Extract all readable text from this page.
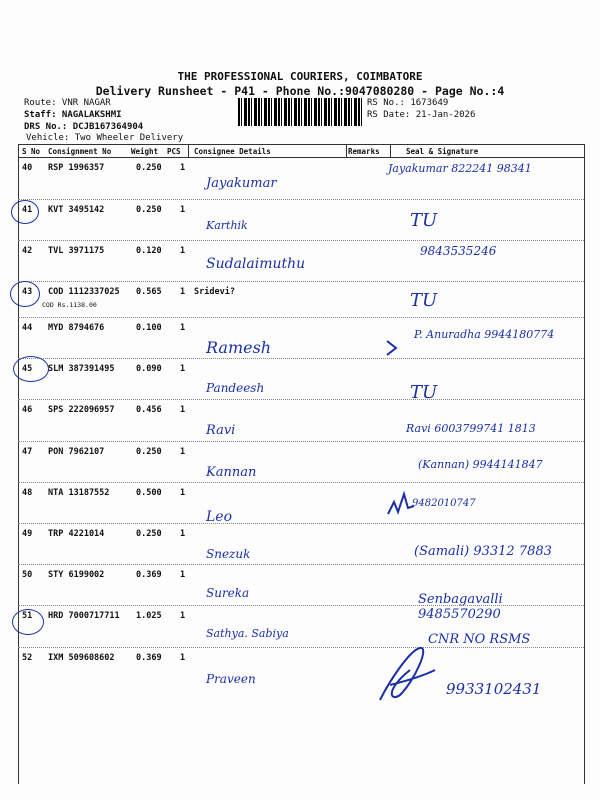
THE PROFESSIONAL COURIERS, COIMBATORE
Delivery Runsheet - P41 - Phone No.:9047080280 - Page No.:4
Route: VNR NAGAR
Staff: NAGALAKSHMI
DRS No.: DCJB167364904
Vehicle: Two Wheeler Delivery
RS No.: 1673649
RS Date: 21-Jan-2026
S No Consignment No	Weight PCS Consignee Details	Remarks	Seal & Signature
40 RSP 1996357	0.250 1
Jayakumar
Jayakumar 822241 98341
41 KVT 3495142	0.250 1
Karthik	TU
42 TVL 3971175	0.120 1
Sudalaimuthu
9843535246
43 COD 1112337025 0.565 1 Sridevi?
COD Rs.1138.00	TU
44 MYD 8794676	0.100 1
Ramesh
P. Anuradha 9944180774
45 SLM 387391495	0.090 1
Pandeesh	TU
46 SPS 222096957	0.456 1
Ravi	Ravi 6003799741 1813
47 PON 7962107	0.250 1
Kannan
(Kannan) 9944141847
48 NTA 13187552	0.500 1
Leo
9482010747
49 TRP 4221014	0.250 1
Snezuk	(Samali) 93312 7883
50 STY 6199002	0.369 1
Sureka	Senbagavalli 9485570290
51 HRD 7000717711 1.025 1
Sathya. Sabiya	CNR NO RSMS
52 IXM 509608602	0.369 1
Praveen
9933102431
